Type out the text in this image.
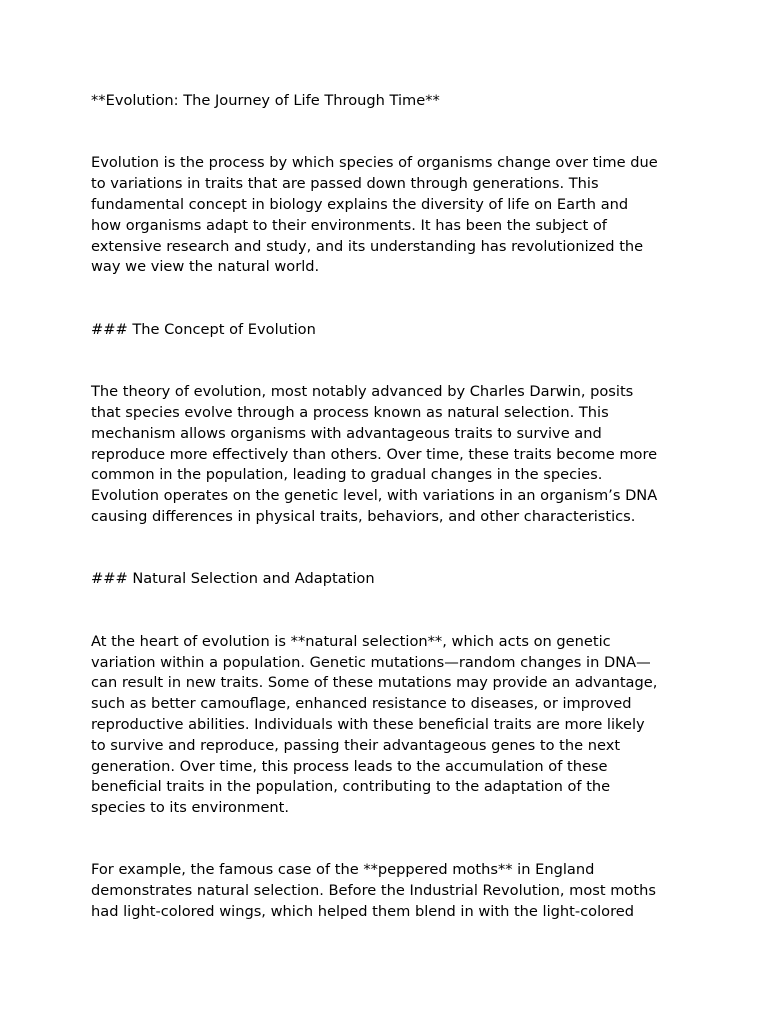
**Evolution: The Journey of Life Through Time**

Evolution is the process by which species of organisms change over time due
to variations in traits that are passed down through generations. This
fundamental concept in biology explains the diversity of life on Earth and
how organisms adapt to their environments. It has been the subject of
extensive research and study, and its understanding has revolutionized the
way we view the natural world.

### The Concept of Evolution

The theory of evolution, most notably advanced by Charles Darwin, posits
that species evolve through a process known as natural selection. This
mechanism allows organisms with advantageous traits to survive and
reproduce more effectively than others. Over time, these traits become more
common in the population, leading to gradual changes in the species.
Evolution operates on the genetic level, with variations in an organism’s DNA
causing differences in physical traits, behaviors, and other characteristics.

### Natural Selection and Adaptation

At the heart of evolution is **natural selection**, which acts on genetic
variation within a population. Genetic mutations—random changes in DNA—
can result in new traits. Some of these mutations may provide an advantage,
such as better camouflage, enhanced resistance to diseases, or improved
reproductive abilities. Individuals with these beneficial traits are more likely
to survive and reproduce, passing their advantageous genes to the next
generation. Over time, this process leads to the accumulation of these
beneficial traits in the population, contributing to the adaptation of the
species to its environment.

For example, the famous case of the **peppered moths** in England
demonstrates natural selection. Before the Industrial Revolution, most moths
had light-colored wings, which helped them blend in with the light-colored
